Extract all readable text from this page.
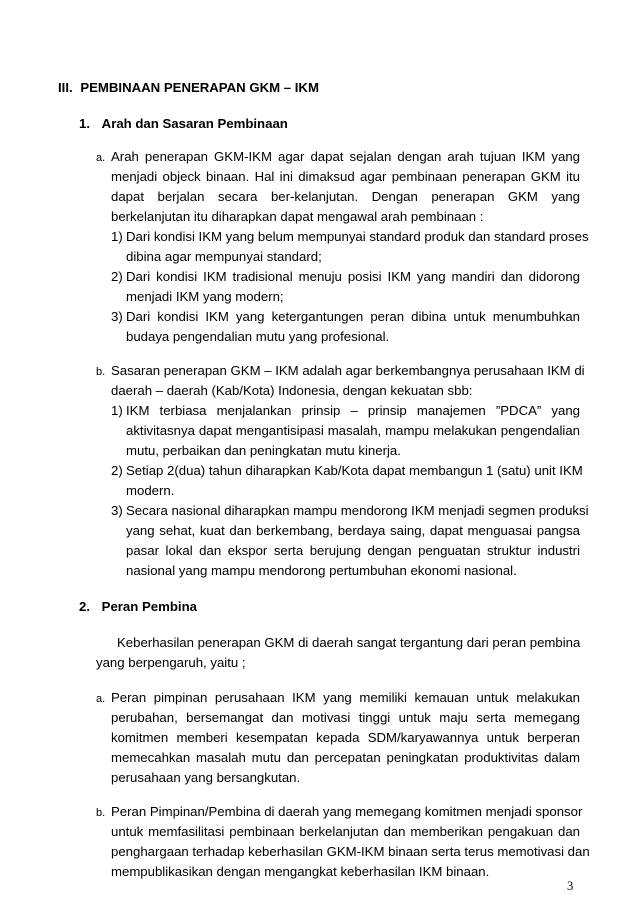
III. PEMBINAAN PENERAPAN GKM – IKM
1. Arah dan Sasaran Pembinaan
a. Arah penerapan GKM-IKM agar dapat sejalan dengan arah tujuan IKM yang
menjadi objeck binaan. Hal ini dimaksud agar pembinaan penerapan GKM itu
dapat berjalan secara ber-kelanjutan. Dengan penerapan GKM yang
berkelanjutan itu diharapkan dapat mengawal arah pembinaan :
1) Dari kondisi IKM yang belum mempunyai standard produk dan standard proses
dibina agar mempunyai standard;
2) Dari kondisi IKM tradisional menuju posisi IKM yang mandiri dan didorong
menjadi IKM yang modern;
3) Dari kondisi IKM yang ketergantungen peran dibina untuk menumbuhkan
budaya pengendalian mutu yang profesional.
b. Sasaran penerapan GKM – IKM adalah agar berkembangnya perusahaan IKM di
daerah – daerah (Kab/Kota) Indonesia, dengan kekuatan sbb:
1) IKM terbiasa menjalankan prinsip – prinsip manajemen ”PDCA” yang
aktivitasnya dapat mengantisipasi masalah, mampu melakukan pengendalian
mutu, perbaikan dan peningkatan mutu kinerja.
2) Setiap 2(dua) tahun diharapkan Kab/Kota dapat membangun 1 (satu) unit IKM
modern.
3) Secara nasional diharapkan mampu mendorong IKM menjadi segmen produksi
yang sehat, kuat dan berkembang, berdaya saing, dapat menguasai pangsa
pasar lokal dan ekspor serta berujung dengan penguatan struktur industri
nasional yang mampu mendorong pertumbuhan ekonomi nasional.
2. Peran Pembina
Keberhasilan penerapan GKM di daerah sangat tergantung dari peran pembina
yang berpengaruh, yaitu ;
a. Peran pimpinan perusahaan IKM yang memiliki kemauan untuk melakukan
perubahan, bersemangat dan motivasi tinggi untuk maju serta memegang
komitmen memberi kesempatan kepada SDM/karyawannya untuk berperan
memecahkan masalah mutu dan percepatan peningkatan produktivitas dalam
perusahaan yang bersangkutan.
b. Peran Pimpinan/Pembina di daerah yang memegang komitmen menjadi sponsor
untuk memfasilitasi pembinaan berkelanjutan dan memberikan pengakuan dan
penghargaan terhadap keberhasilan GKM-IKM binaan serta terus memotivasi dan
mempublikasikan dengan mengangkat keberhasilan IKM binaan.
3
